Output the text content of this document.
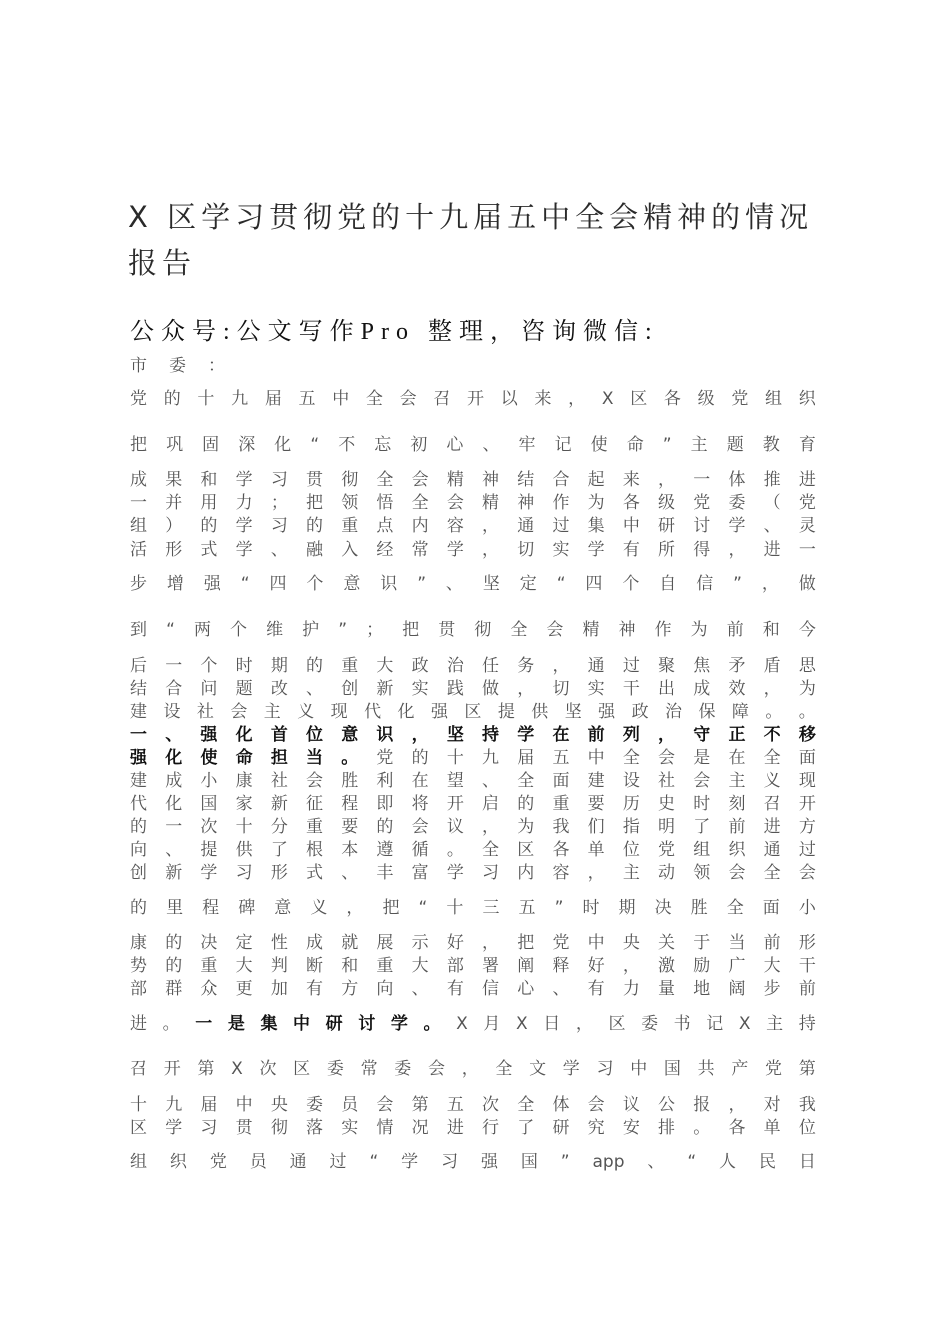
X 区学习贯彻党的十九届五中全会精神的情况
报告
公众号:公文写作Pro 整理，咨询微信:
市 委 ：
党 的 十 九 届 五 中 全 会 召 开 以 来 ， X 区 各 级 党 组 织
把 巩 固 深 化 “ 不 忘 初 心 、 牢 记 使 命 ” 主 题 教 育
成 果 和 学 习 贯 彻 全 会 精 神 结 合 起 来 ， 一 体 推 进
一 并 用 力 ； 把 领 悟 全 会 精 神 作 为 各 级 党 委 （ 党
组 ） 的 学 习 的 重 点 内 容 ， 通 过 集 中 研 讨 学 、 灵
活 形 式 学 、 融 入 经 常 学 ， 切 实 学 有 所 得 ， 进 一
步 增 强 “ 四 个 意 识 ” 、 坚 定 “ 四 个 自 信 ” ， 做
到 “ 两 个 维 护 ” ； 把 贯 彻 全 会 精 神 作 为 前 和 今
后 一 个 时 期 的 重 大 政 治 任 务 ， 通 过 聚 焦 矛 盾 思
结 合 问 题 改 、 创 新 实 践 做 ， 切 实 干 出 成 效 ， 为
建 设 社 会 主 义 现 代 化 强 区 提 供 坚 强 政 治 保 障 。 。
一 、 强 化 首 位 意 识 ， 坚 持 学 在 前 列 ， 守 正 不 移
强 化 使 命 担 当 。 党 的 十 九 届 五 中 全 会 是 在 全 面
建 成 小 康 社 会 胜 利 在 望 、 全 面 建 设 社 会 主 义 现
代 化 国 家 新 征 程 即 将 开 启 的 重 要 历 史 时 刻 召 开
的 一 次 十 分 重 要 的 会 议 ， 为 我 们 指 明 了 前 进 方
向 、 提 供 了 根 本 遵 循 。 全 区 各 单 位 党 组 织 通 过
创 新 学 习 形 式 、 丰 富 学 习 内 容 ， 主 动 领 会 全 会
的 里 程 碑 意 义 ， 把 “ 十 三 五 ” 时 期 决 胜 全 面 小
康 的 决 定 性 成 就 展 示 好 ， 把 党 中 央 关 于 当 前 形
势 的 重 大 判 断 和 重 大 部 署 阐 释 好 ， 激 励 广 大 干
部 群 众 更 加 有 方 向 、 有 信 心 、 有 力 量 地 阔 步 前
进 。 一 是 集 中 研 讨 学 。 X 月 X 日 ， 区 委 书 记 X 主 持
召 开 第 X 次 区 委 常 委 会 ， 全 文 学 习 中 国 共 产 党 第
十 九 届 中 央 委 员 会 第 五 次 全 体 会 议 公 报 ， 对 我
区 学 习 贯 彻 落 实 情 况 进 行 了 研 究 安 排 。 各 单 位
组 织 党 员 通 过 “ 学 习 强 国 ” app 、 “ 人 民 日
